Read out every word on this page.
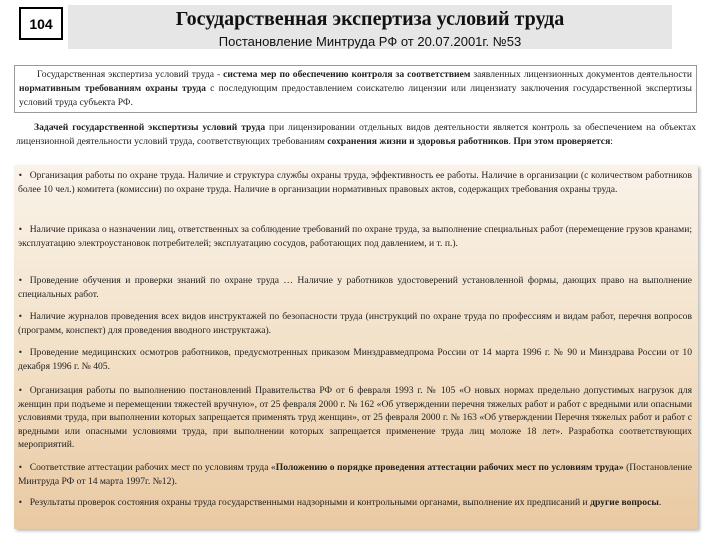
104	Государственная экспертиза условий труда
Постановление Минтруда РФ от 20.07.2001г. №53
Государственная экспертиза условий труда - система мер по обеспечению контроля за соответствием заявленных лицензионных документов деятельности нормативным требованиям охраны труда с последующим предоставлением соискателю лицензии или лицензиату заключения государственной экспертизы условий труда субъекта РФ.
Задачей государственной экспертизы условий труда при лицензировании отдельных видов деятельности является контроль за обеспечением на объектах лицензионной деятельности условий труда, соответствующих требованиям сохранения жизни и здоровья работников. При этом проверяется:
• Организация работы по охране труда. Наличие и структура службы охраны труда, эффективность ее работы. Наличие в организации (с количеством работников более 10 чел.) комитета (комиссии) по охране труда. Наличие в организации нормативных правовых актов, содержащих требования охраны труда.
• Наличие приказа о назначении лиц, ответственных за соблюдение требований по охране труда, за выполнение специальных работ (перемещение грузов кранами; эксплуатацию электроустановок потребителей; эксплуатацию сосудов, работающих под давлением, и т. п.).
• Проведение обучения и проверки знаний по охране труда … Наличие у работников удостоверений установленной формы, дающих право на выполнение специальных работ.
• Наличие журналов проведения всех видов инструктажей по безопасности труда (инструкций по охране труда по профессиям и видам работ, перечня вопросов (программ, конспект) для проведения вводного инструктажа).
• Проведение медицинских осмотров работников, предусмотренных приказом Минздравмедпрома России от 14 марта 1996 г. № 90 и Минздрава России от 10 декабря 1996 г. № 405.
• Организация работы по выполнению постановлений Правительства РФ от 6 февраля 1993 г. № 105 «О новых нормах предельно допустимых нагрузок для женщин при подъеме и перемещении тяжестей вручную», от 25 февраля 2000 г. № 162 «Об утверждении перечня тяжелых работ и работ с вредными или опасными условиями труда, при выполнении которых запрещается применять труд женщин», от 25 февраля 2000 г. № 163 «Об утверждении Перечня тяжелых работ и работ с вредными или опасными условиями труда, при выполнении которых запрещается применение труда лиц моложе 18 лет». Разработка соответствующих мероприятий.
• Соответствие аттестации рабочих мест по условиям труда «Положению о порядке проведения аттестации рабочих мест по условиям труда» (Постановление Минтруда РФ от 14 марта 1997г. №12).
• Результаты проверок состояния охраны труда государственными надзорными и контрольными органами, выполнение их предписаний и другие вопросы.
